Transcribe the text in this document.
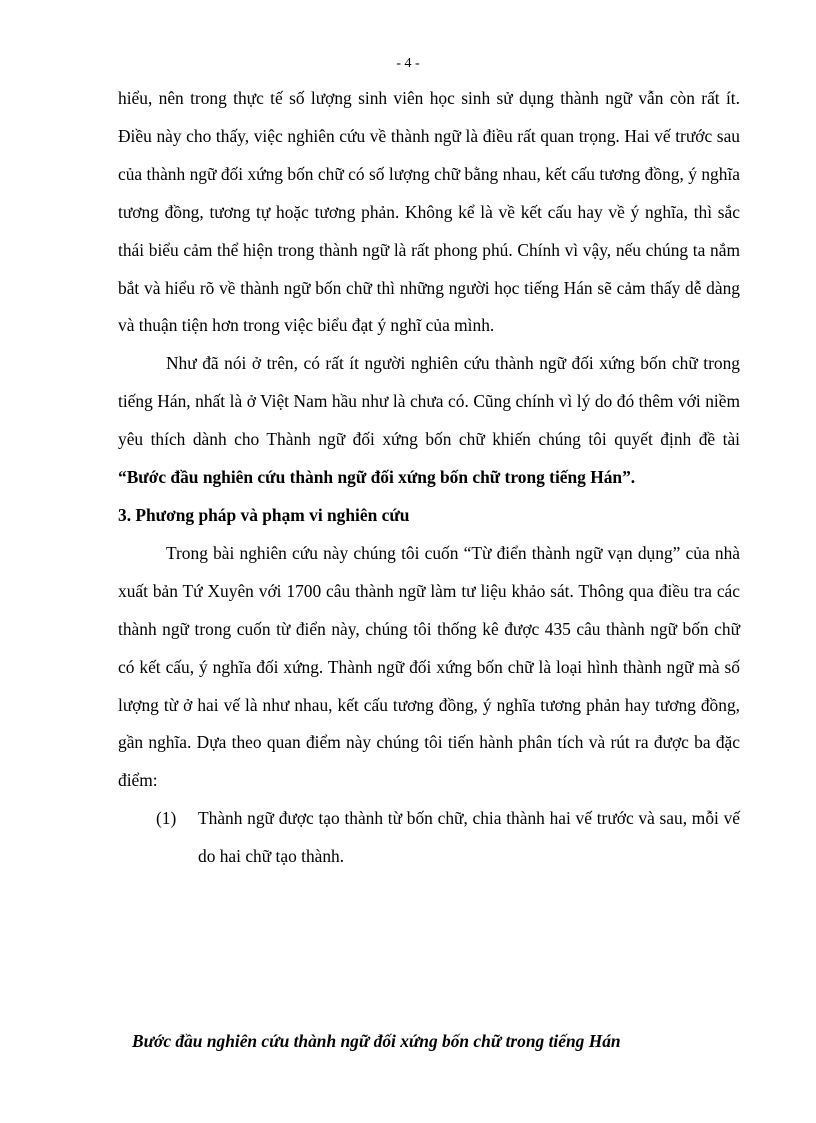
- 4 -

hiểu, nên trong thực tế số lượng sinh viên học sinh sử dụng thành ngữ vẫn còn rất ít. Điều này cho thấy, việc nghiên cứu về thành ngữ là điều rất quan trọng. Hai vế trước sau của thành ngữ đối xứng bốn chữ có số lượng chữ bằng nhau, kết cấu tương đồng, ý nghĩa tương đồng, tương tự hoặc tương phản. Không kể là về kết cấu hay về ý nghĩa, thì sắc thái biểu cảm thể hiện trong thành ngữ là rất phong phú. Chính vì vậy, nếu chúng ta nắm bắt và hiểu rõ về thành ngữ bốn chữ thì những người học tiếng Hán sẽ cảm thấy dễ dàng và thuận tiện hơn trong việc biểu đạt ý nghĩ của mình.

Như đã nói ở trên, có rất ít người nghiên cứu thành ngữ đối xứng bốn chữ trong tiếng Hán, nhất là ở Việt Nam hầu như là chưa có. Cũng chính vì lý do đó thêm với niềm yêu thích dành cho Thành ngữ đối xứng bốn chữ khiến chúng tôi quyết định đề tài “Bước đầu nghiên cứu thành ngữ đối xứng bốn chữ trong tiếng Hán”.

3. Phương pháp và phạm vi nghiên cứu

Trong bài nghiên cứu này chúng tôi cuốn “Từ điển thành ngữ vạn dụng” của nhà xuất bản Tứ Xuyên với 1700 câu thành ngữ làm tư liệu khảo sát. Thông qua điều tra các thành ngữ trong cuốn từ điển này, chúng tôi thống kê được 435 câu thành ngữ bốn chữ có kết cấu, ý nghĩa đối xứng. Thành ngữ đối xứng bốn chữ là loại hình thành ngữ mà số lượng từ ở hai vế là như nhau, kết cấu tương đồng, ý nghĩa tương phản hay tương đồng, gần nghĩa. Dựa theo quan điểm này chúng tôi tiến hành phân tích và rút ra được ba đặc điểm:

(1) Thành ngữ được tạo thành từ bốn chữ, chia thành hai vế trước và sau, mỗi vế do hai chữ tạo thành.

Bước đầu nghiên cứu thành ngữ đối xứng bốn chữ trong tiếng Hán
